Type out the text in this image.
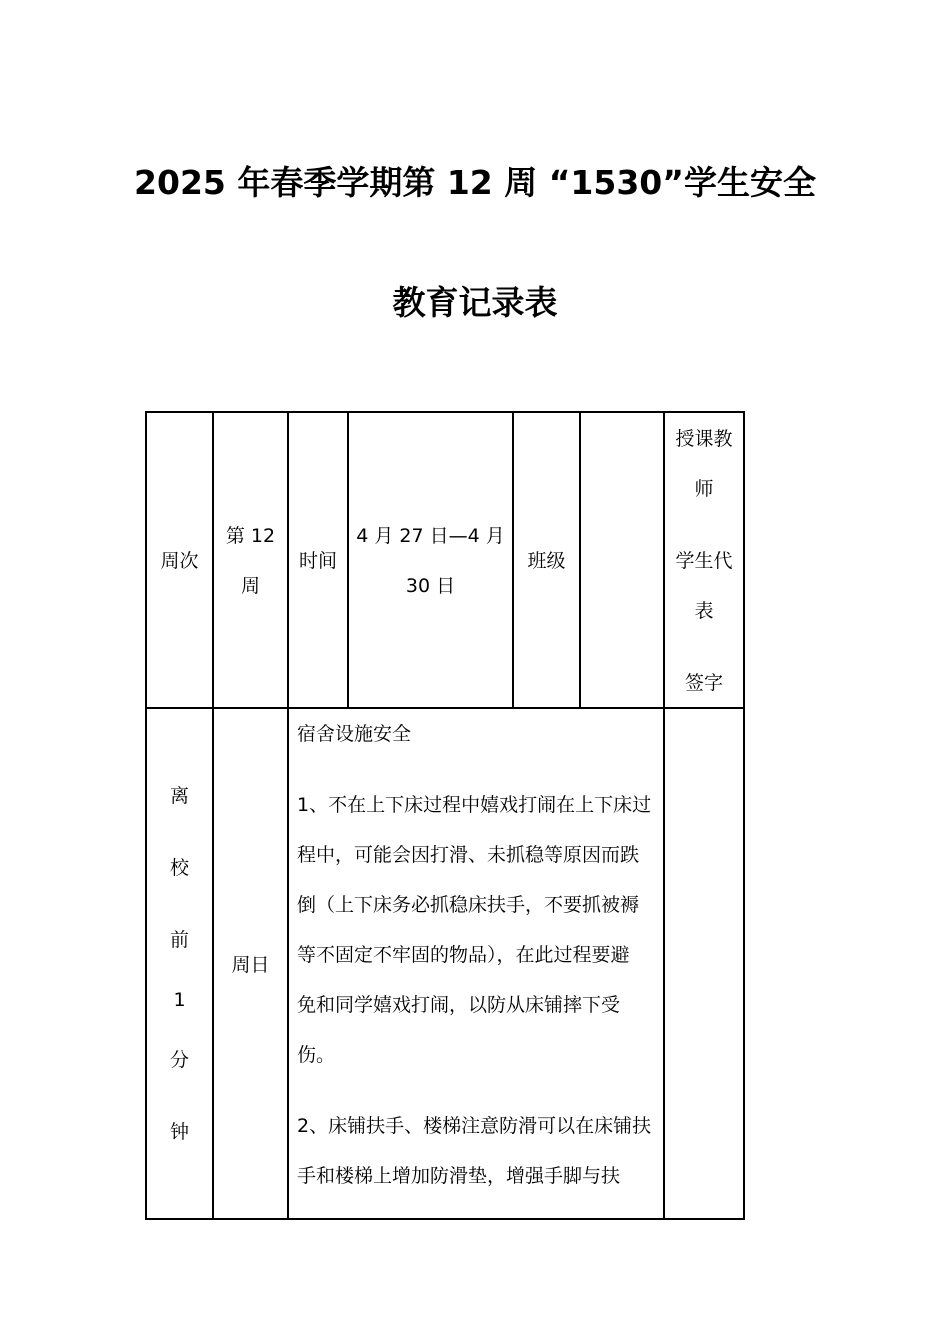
2025 年春季学期第 12 周 “1530”学生安全
教育记录表
周次
第 12
周
时间
4 月 27 日—4 月
30 日
班级
授课教
师
学生代
表
签字
离
校
前
1
分
钟
周日
宿舍设施安全
1、不在上下床过程中嬉戏打闹在上下床过
程中，可能会因打滑、未抓稳等原因而跌
倒（上下床务必抓稳床扶手，不要抓被褥
等不固定不牢固的物品），在此过程要避
免和同学嬉戏打闹，以防从床铺摔下受
伤。
2、床铺扶手、楼梯注意防滑可以在床铺扶
手和楼梯上增加防滑垫，增强手脚与扶
